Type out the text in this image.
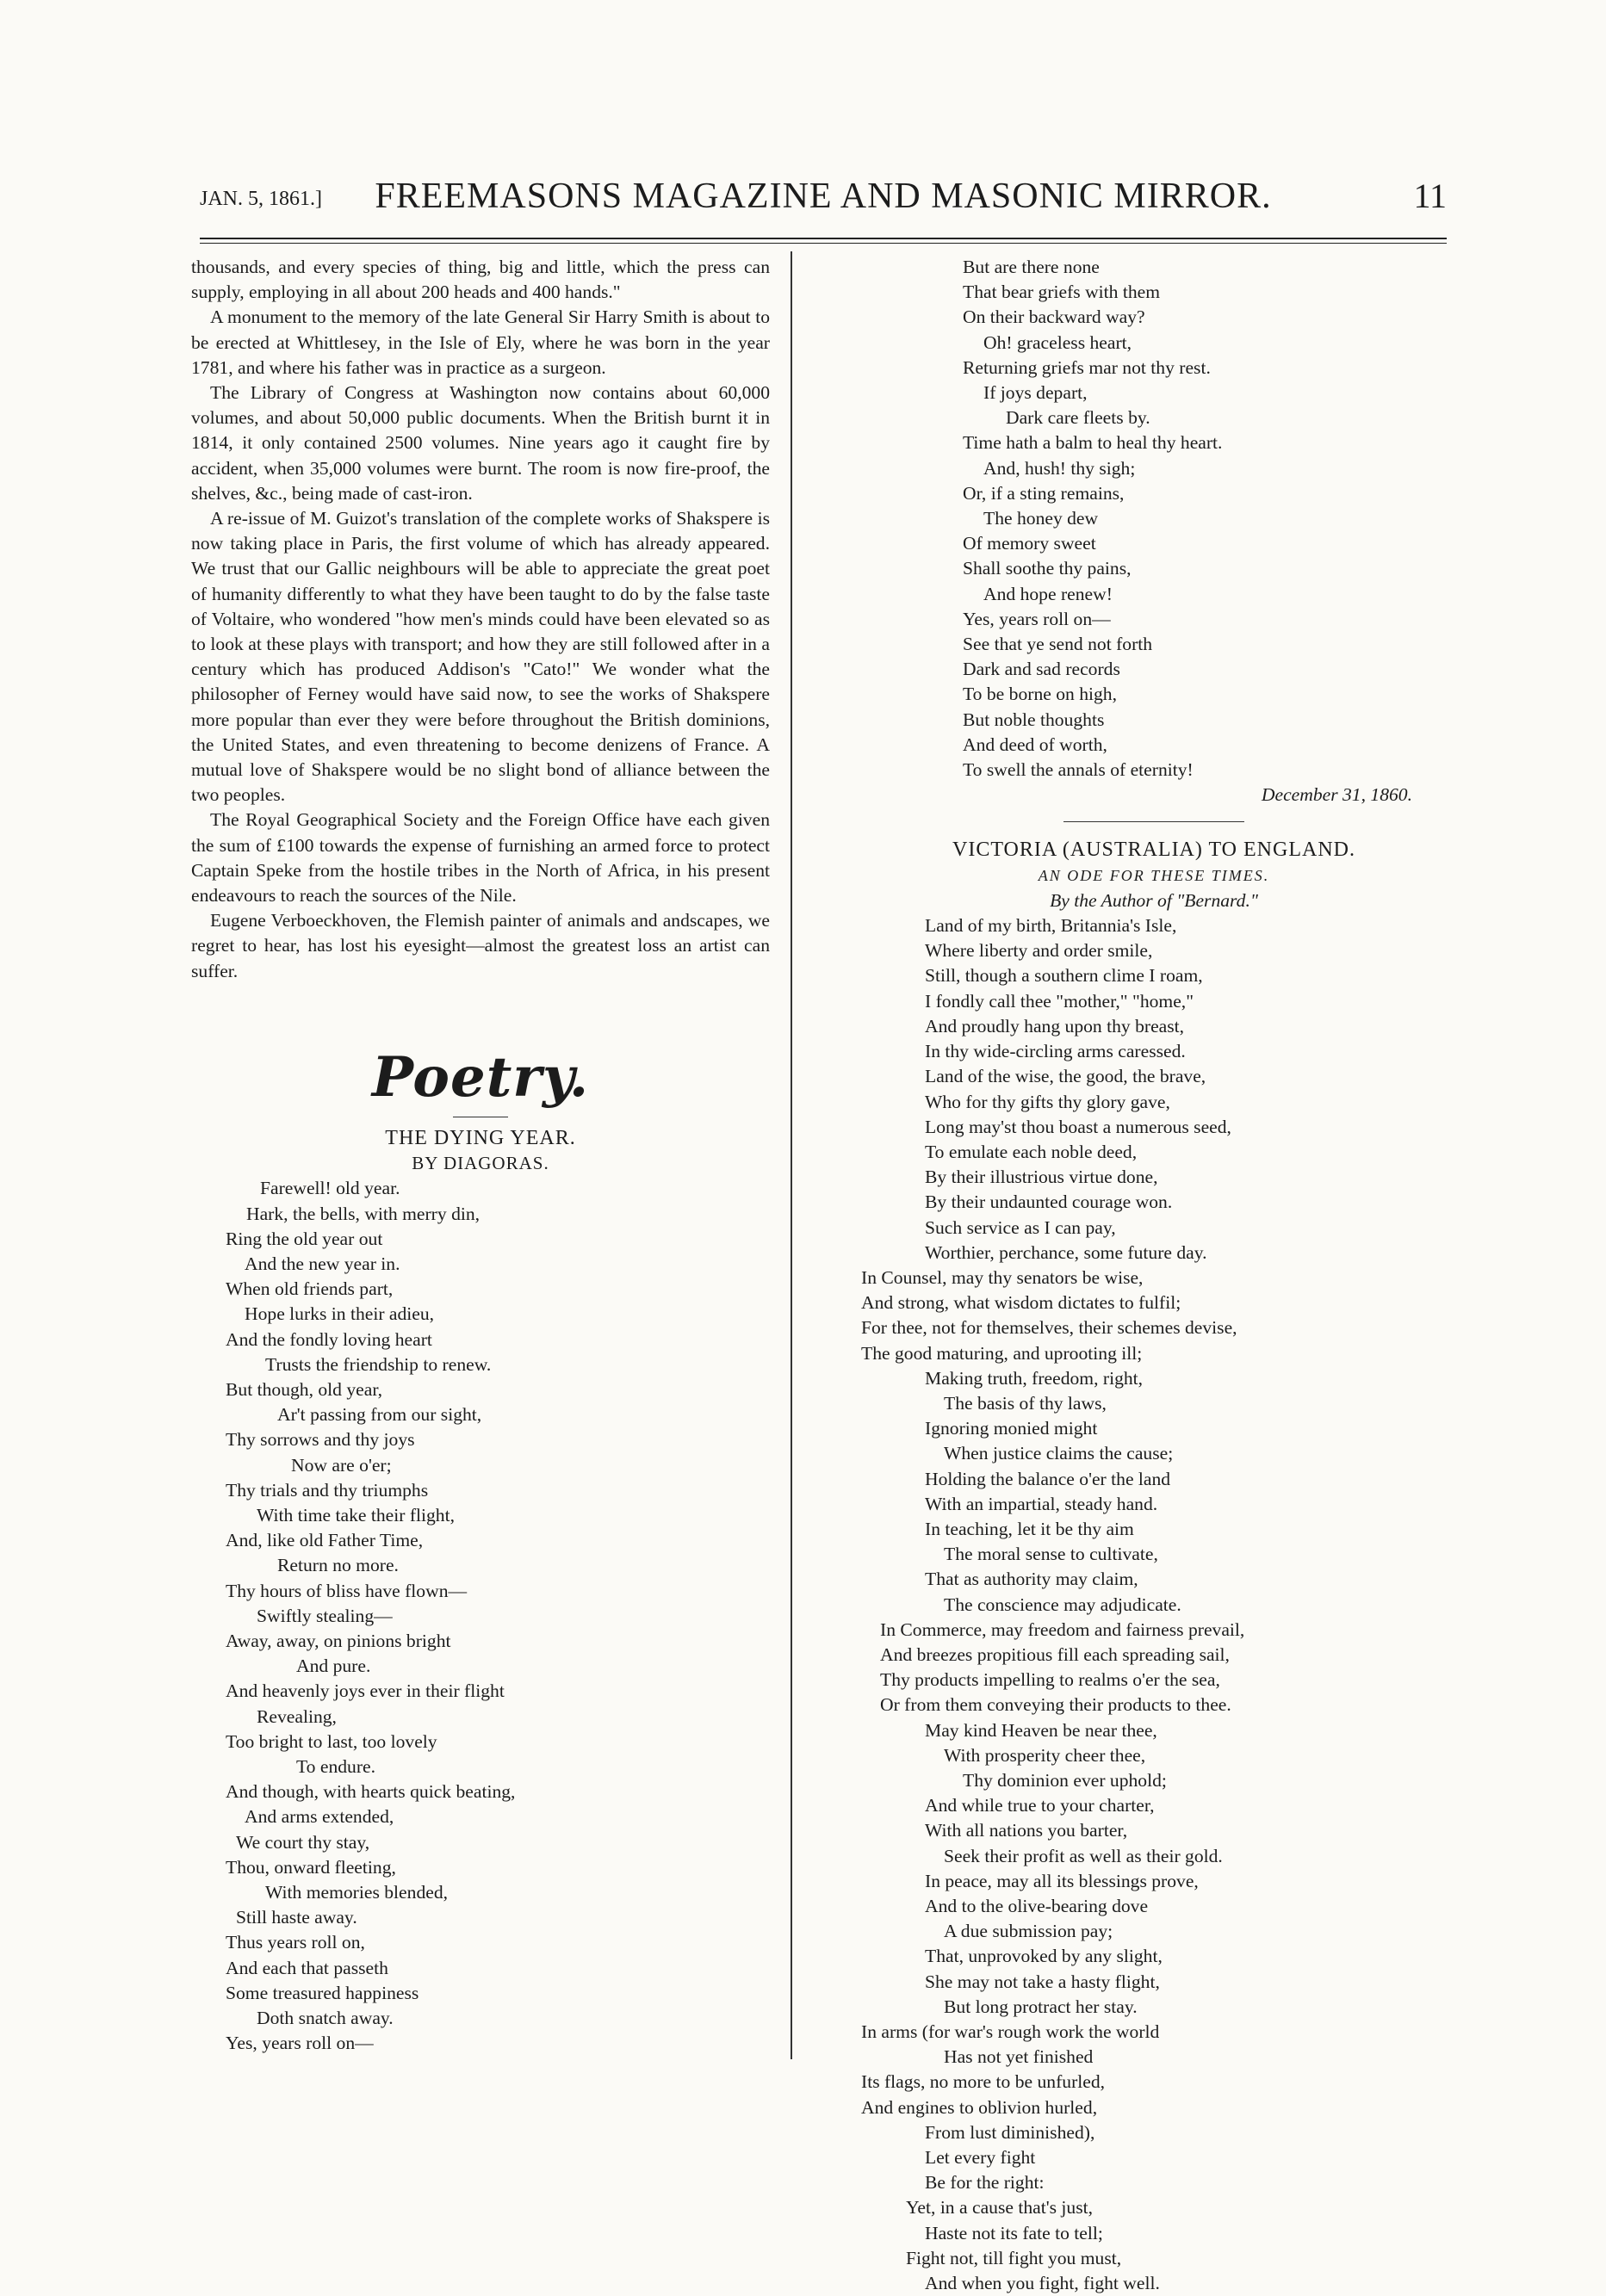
JAN. 5, 1861.]	FREEMASONS MAGAZINE AND MASONIC MIRROR.	11

thousands, and every species of thing, big and little, which the press can supply, employing in all about 200 heads and 400 hands."

A monument to the memory of the late General Sir Harry Smith is about to be erected at Whittlesey, in the Isle of Ely, where he was born in the year 1781, and where his father was in practice as a surgeon.

The Library of Congress at Washington now contains about 60,000 volumes, and about 50,000 public documents. When the British burnt it in 1814, it only contained 2500 volumes. Nine years ago it caught fire by accident, when 35,000 volumes were burnt. The room is now fire-proof, the shelves, &c., being made of cast-iron.

A re-issue of M. Guizot's translation of the complete works of Shakspere is now taking place in Paris, the first volume of which has already appeared. We trust that our Gallic neighbours will be able to appreciate the great poet of humanity differently to what they have been taught to do by the false taste of Voltaire, who wondered "how men's minds could have been elevated so as to look at these plays with transport; and how they are still followed after in a century which has produced Addison's "Cato!" We wonder what the philosopher of Ferney would have said now, to see the works of Shakspere more popular than ever they were before throughout the British dominions, the United States, and even threatening to become denizens of France. A mutual love of Shakspere would be no slight bond of alliance between the two peoples.

The Royal Geographical Society and the Foreign Office have each given the sum of £100 towards the expense of furnishing an armed force to protect Captain Speke from the hostile tribes in the North of Africa, in his present endeavours to reach the sources of the Nile.

Eugene Verboeckhoven, the Flemish painter of animals and andscapes, we regret to hear, has lost his eyesight—almost the greatest loss an artist can suffer.

Poetry.
THE DYING YEAR.
BY DIAGORAS.
Farewell! old year.
Hark, the bells, with merry din,
Ring the old year out
And the new year in.
When old friends part,
Hope lurks in their adieu,
And the fondly loving heart
Trusts the friendship to renew.
But though, old year,
Ar't passing from our sight,
Thy sorrows and thy joys
Now are o'er;
Thy trials and thy triumphs
With time take their flight,
And, like old Father Time,
Return no more.
Thy hours of bliss have flown—
Swiftly stealing—
Away, away, on pinions bright
And pure.
And heavenly joys ever in their flight
Revealing,
Too bright to last, too lovely
To endure.
And though, with hearts quick beating,
And arms extended,
We court thy stay,
Thou, onward fleeting,
With memories blended,
Still haste away.
Thus years roll on,
And each that passeth
Some treasured happiness
Doth snatch away.
Yes, years roll on—
But are there none
That bear griefs with them
On their backward way?
Oh! graceless heart,
Returning griefs mar not thy rest.
If joys depart,
Dark care fleets by.
Time hath a balm to heal thy heart.
And, hush! thy sigh;
Or, if a sting remains,
The honey dew
Of memory sweet
Shall soothe thy pains,
And hope renew!
Yes, years roll on—
See that ye send not forth
Dark and sad records
To be borne on high,
But noble thoughts
And deed of worth,
To swell the annals of eternity!
December 31, 1860.
VICTORIA (AUSTRALIA) TO ENGLAND.
AN ODE FOR THESE TIMES.
By the Author of "Bernard."
Land of my birth, Britannia's Isle,
Where liberty and order smile,
Still, though a southern clime I roam,
I fondly call thee "mother," "home,"
And proudly hang upon thy breast,
In thy wide-circling arms caressed.
Land of the wise, the good, the brave,
Who for thy gifts thy glory gave,
Long may'st thou boast a numerous seed,
To emulate each noble deed,
By their illustrious virtue done,
By their undaunted courage won.
Such service as I can pay,
Worthier, perchance, some future day.
In Counsel, may thy senators be wise,
And strong, what wisdom dictates to fulfil;
For thee, not for themselves, their schemes devise,
The good maturing, and uprooting ill;
Making truth, freedom, right,
The basis of thy laws,
Ignoring monied might
When justice claims the cause;
Holding the balance o'er the land
With an impartial, steady hand.
In teaching, let it be thy aim
The moral sense to cultivate,
That as authority may claim,
The conscience may adjudicate.
In Commerce, may freedom and fairness prevail,
And breezes propitious fill each spreading sail,
Thy products impelling to realms o'er the sea,
Or from them conveying their products to thee.
May kind Heaven be near thee,
With prosperity cheer thee,
Thy dominion ever uphold;
And while true to your charter,
With all nations you barter,
Seek their profit as well as their gold.
In peace, may all its blessings prove,
And to the olive-bearing dove
A due submission pay;
That, unprovoked by any slight,
She may not take a hasty flight,
But long protract her stay.
In arms (for war's rough work the world
Has not yet finished
Its flags, no more to be unfurled,
And engines to oblivion hurled,
From lust diminished),
Let every fight
Be for the right:
Yet, in a cause that's just,
Haste not its fate to tell;
Fight not, till fight you must,
And when you fight, fight well.
